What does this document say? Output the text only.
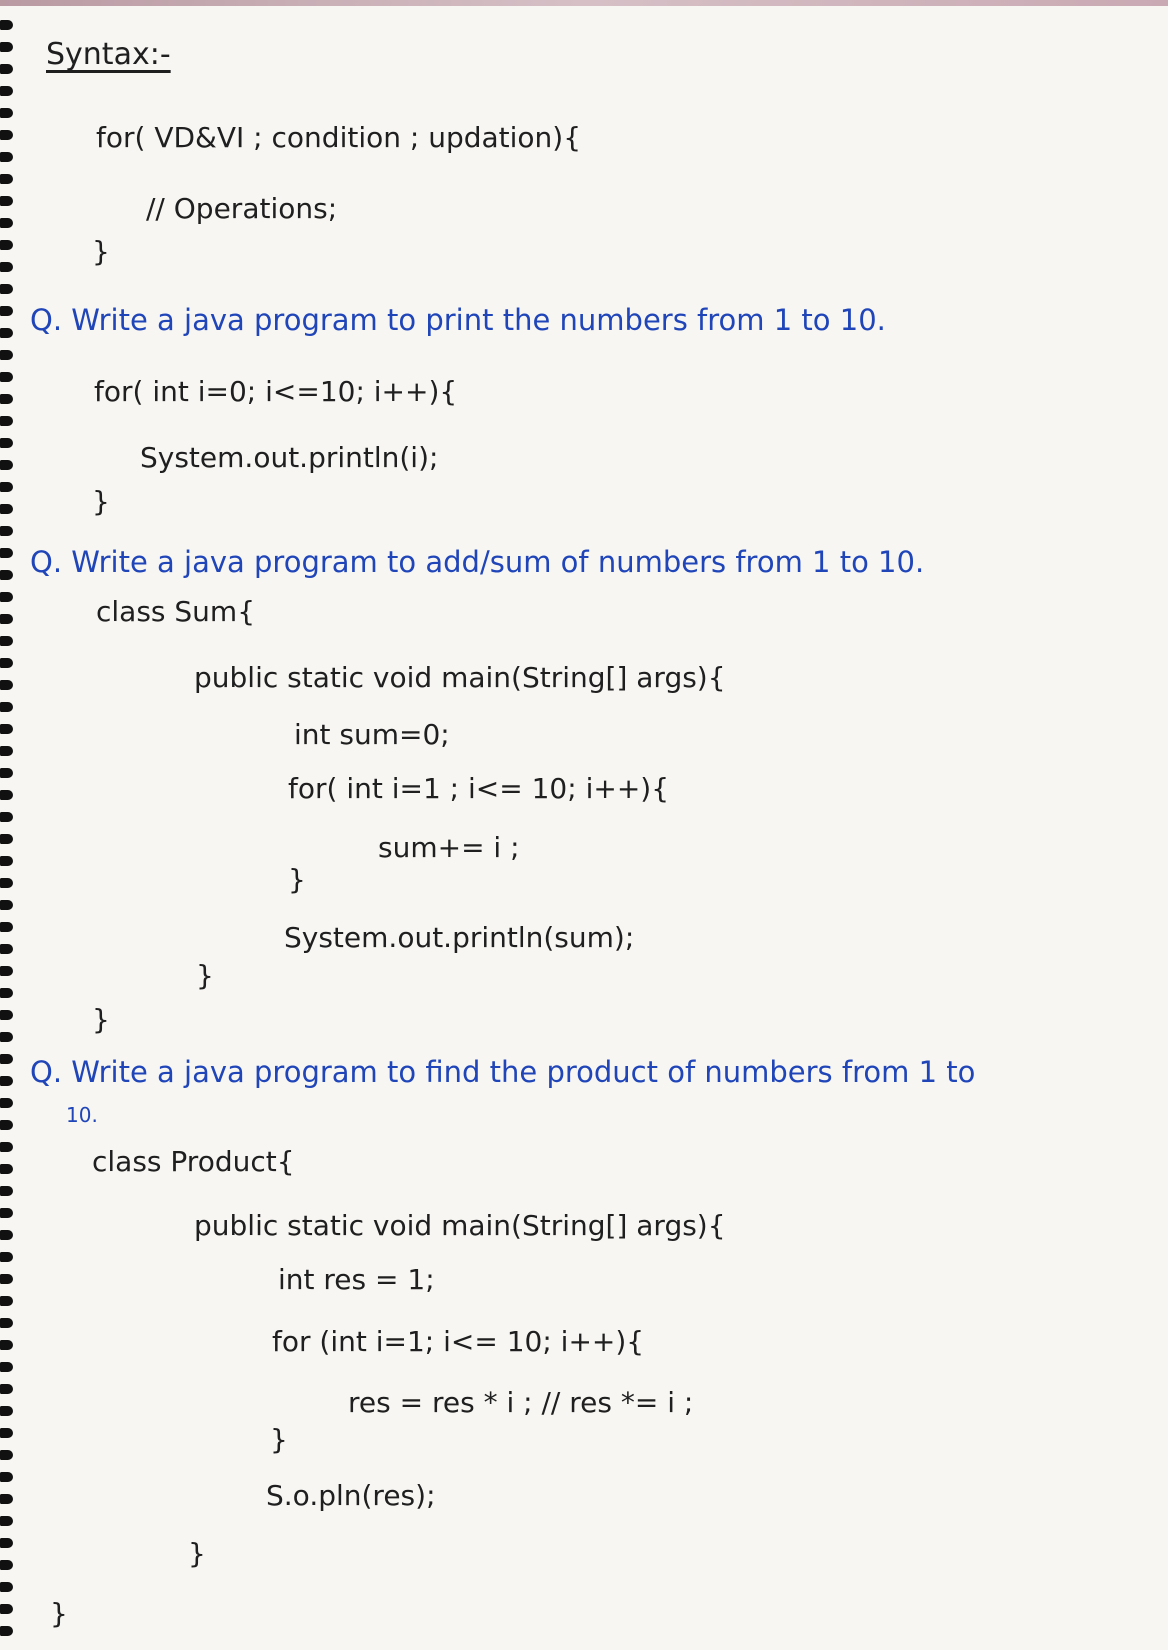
Syntax:-
for( VD&VI ; condition ; updation){
// Operations;
}
Q. Write a java program to print the numbers from 1 to 10.
for( int i=0; i<=10; i++){
System.out.println(i);
}
Q. Write a java program to add/sum of numbers from 1 to 10.
class Sum{
public static void main(String[] args){
int sum=0;
for( int i=1 ; i<= 10; i++){
sum+= i ;
}
System.out.println(sum);
}
}
Q. Write a java program to find the product of numbers from 1 to
10.
class Product{
public static void main(String[] args){
int res = 1;
for (int i=1; i<= 10; i++){
res = res * i ; // res *= i ;
}
S.o.pln(res);
}
}
